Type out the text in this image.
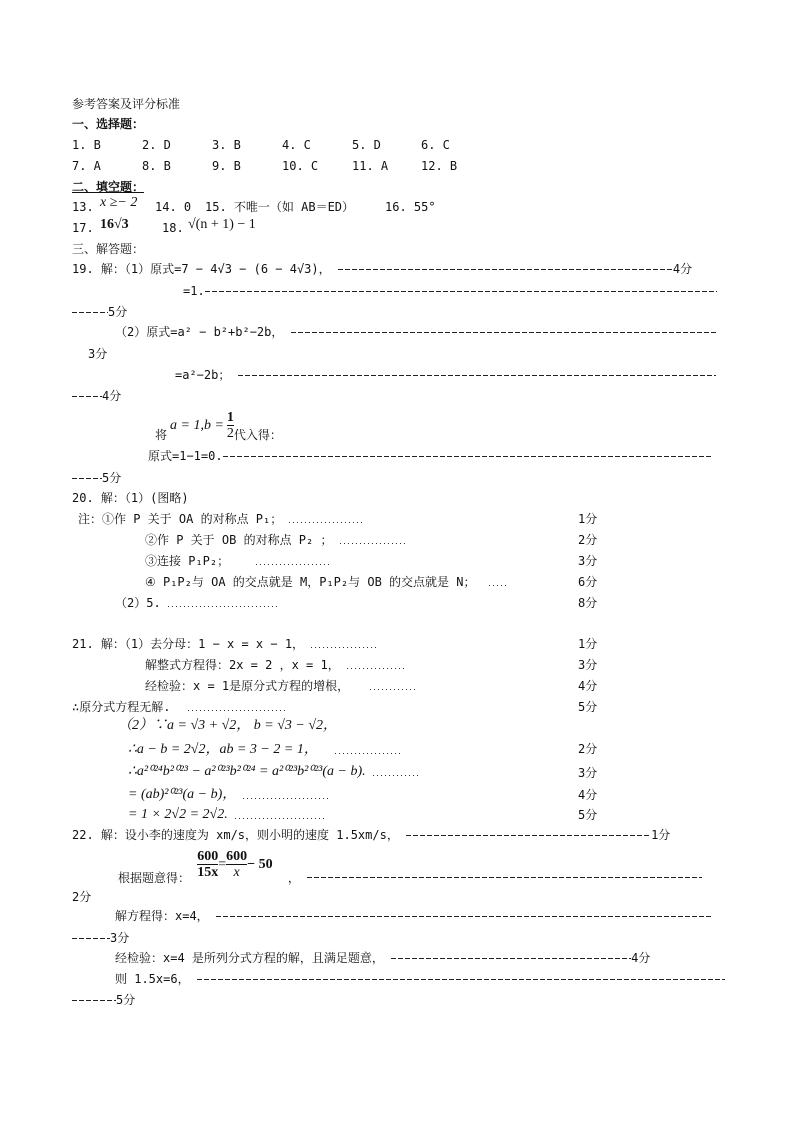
参考答案及评分标准
一、选择题：
1. B	2. D	3. B	4. C	5. D	6. C
7. A	8. B	9. B	10. C	11. A	12. B
二、填空题：
13. x ≥− 2 14. 0 15. 不唯一（如 AB＝ED）	16. 55°
17. 16√3	18. √(n + 1) − 1
三、解答题：
19. 解：（1）原式=7 − 4√3 − (6 − 4√3)，	4分
=1.
5分
（2）原式=a² − b²+b²−2b，
3分
=a²−2b；
4分
将$a = 1,b = \frac{1}{2}$ 代入得：
原式=1−1=0.
5分
20. 解：（1）(图略)
注：①作 P 关于 OA 的对称点 P₁；	1分
②作 P 关于 OB 的对称点 P₂ ；	2分
③连接 P₁P₂；	3分
④ P₁P₂与 OA 的交点就是 M，P₁P₂与 OB 的交点就是 N；	6分
（2）5.	8分
21. 解：（1）去分母：1 − x = x − 1，	1分
解整式方程得：2x = 2 ，x = 1，	3分
经检验：x = 1是原分式方程的增根，	4分
∴原分式方程无解.	5分
（2）∵a = √3 + √2， b = √3 − √2，
∴a − b = 2√2，ab = 3 − 2 = 1，	2分
∴a²⁰²⁴b²⁰²³ − a²⁰²³b²⁰²⁴ = a²⁰²³b²⁰²³(a − b).	3分
= (ab)²⁰²³(a − b)，	4分
= 1 × 2√2 = 2√2.	5分
22. 解：设小李的速度为 xm/s，则小明的速度 1.5xm/s，	1分
根据题意得： $\frac{600}{15x} = \frac{600}{x} - 50$ ，
2分
解方程得：x=4，
3分
经检验：x=4 是所列分式方程的解，且满足题意，	4分
则 1.5x=6，
5分
